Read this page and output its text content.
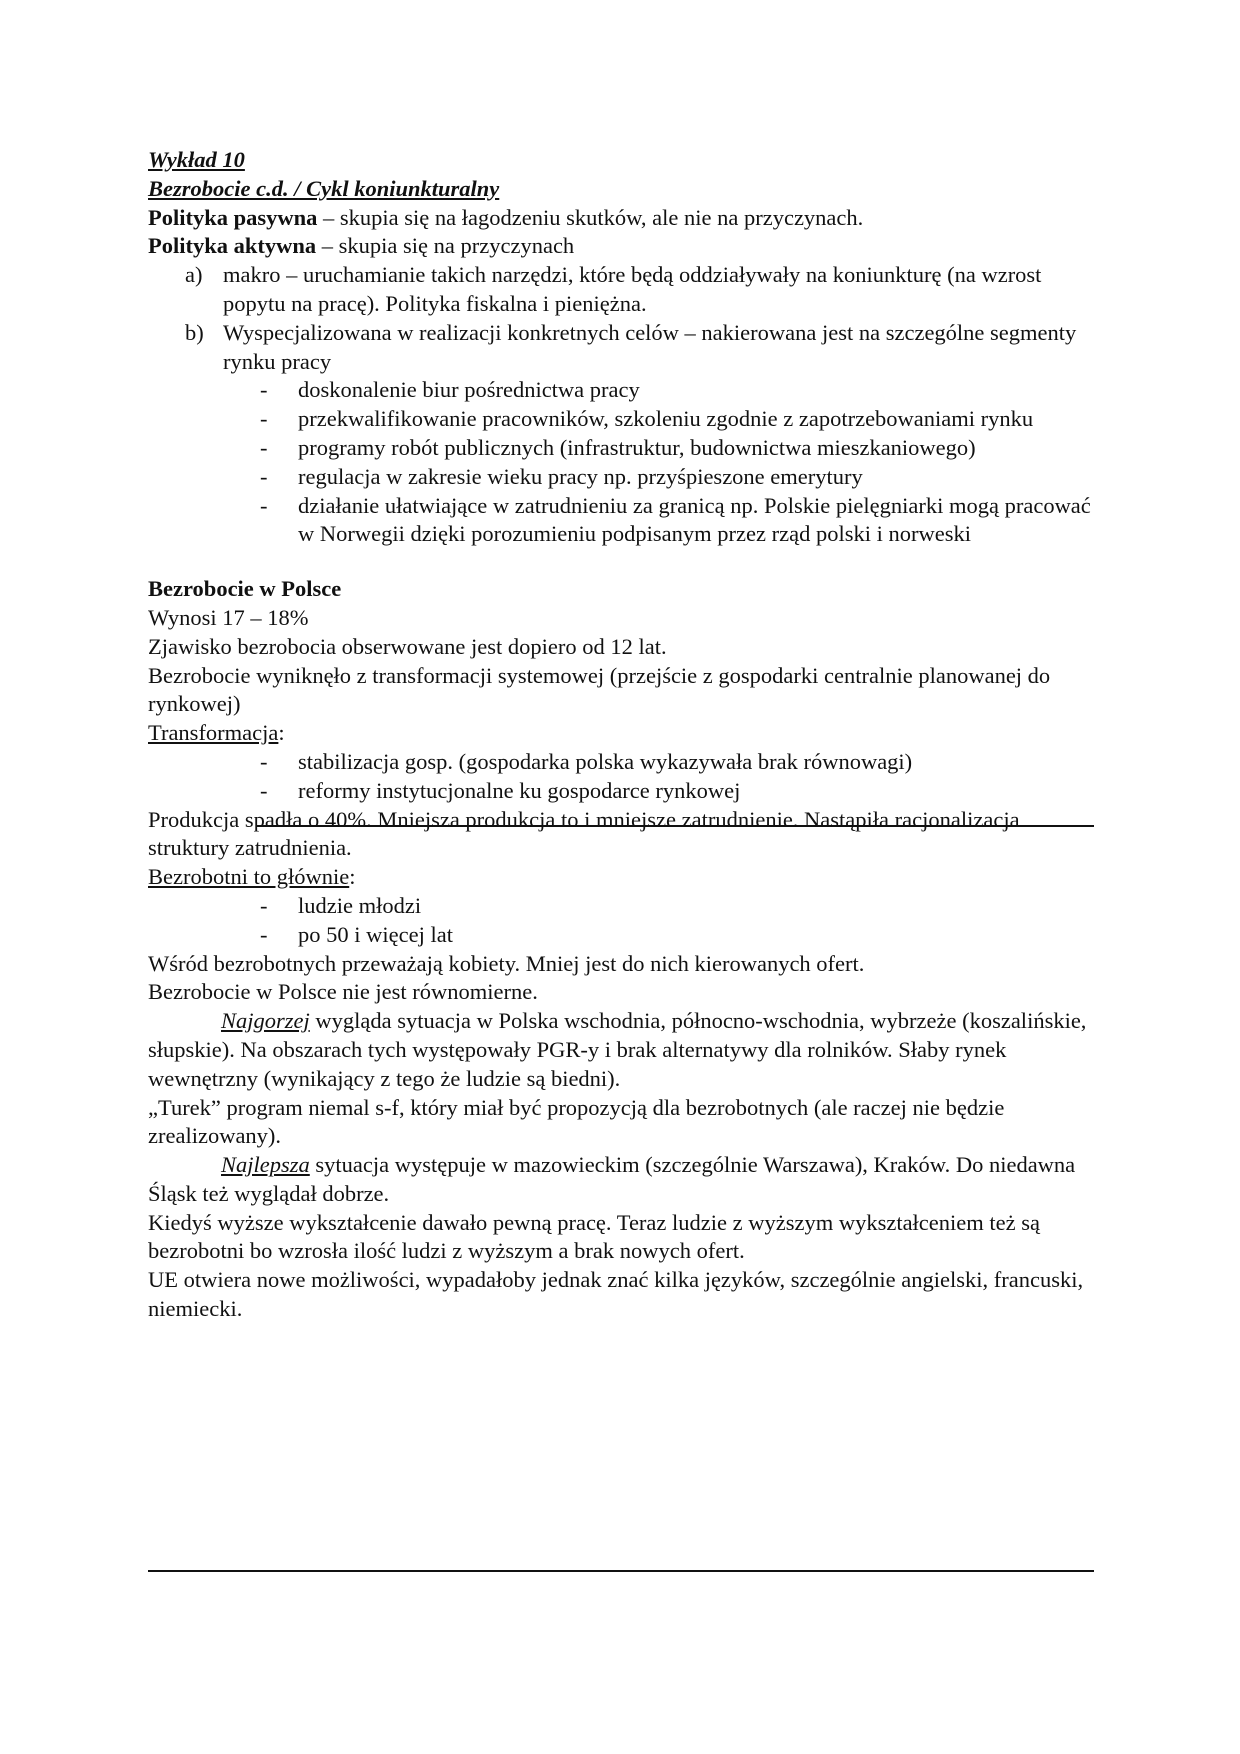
Wykład 10
Bezrobocie c.d. / Cykl koniunkturalny

Polityka pasywna – skupia się na łagodzeniu skutków, ale nie na przyczynach.

Polityka aktywna – skupia się na przyczynach

a) makro – uruchamianie takich narzędzi, które będą oddziaływały na koniunkturę (na wzrost popytu na pracę). Polityka fiskalna i pieniężna.
b) Wyspecjalizowana w realizacji konkretnych celów – nakierowana jest na szczególne segmenty rynku pracy
- doskonalenie biur pośrednictwa pracy
- przekwalifikowanie pracowników, szkoleniu zgodnie z zapotrzebowaniami rynku
- programy robót publicznych (infrastruktur, budownictwa mieszkaniowego)
- regulacja w zakresie wieku pracy np. przyśpieszone emerytury
- działanie ułatwiające w zatrudnieniu za granicą np. Polskie pielęgniarki mogą pracować w Norwegii dzięki porozumieniu podpisanym przez rząd polski i norweski

Bezrobocie w Polsce

Wynosi 17 – 18%

Zjawisko bezrobocia obserwowane jest dopiero od 12 lat.

Bezrobocie wyniknęło z transformacji systemowej (przejście z gospodarki centralnie planowanej do rynkowej)

Transformacja:

- stabilizacja gosp. (gospodarka polska wykazywała brak równowagi)
- reformy instytucjonalne ku gospodarce rynkowej

Produkcja spadła o 40%. Mniejsza produkcja to i mniejsze zatrudnienie. Nastąpiła racjonalizacja struktury zatrudnienia.

Bezrobotni to głównie:

- ludzie młodzi
- po 50 i więcej lat

Wśród bezrobotnych przeważają kobiety. Mniej jest do nich kierowanych ofert.

Bezrobocie w Polsce nie jest równomierne.

Najgorzej wygląda sytuacja w Polska wschodnia, północno-wschodnia, wybrzeże (koszalińskie, słupskie). Na obszarach tych występowały PGR-y i brak alternatywy dla rolników. Słaby rynek wewnętrzny (wynikający z tego że ludzie są biedni).

„Turek” program niemal s-f, który miał być propozycją dla bezrobotnych (ale raczej nie będzie zrealizowany).

Najlepsza sytuacja występuje w mazowieckim (szczególnie Warszawa), Kraków. Do niedawna Śląsk też wyglądał dobrze.

Kiedyś wyższe wykształcenie dawało pewną pracę. Teraz ludzie z wyższym wykształceniem też są bezrobotni bo wzrosła ilość ludzi z wyższym a brak nowych ofert.

UE otwiera nowe możliwości, wypadałoby jednak znać kilka języków, szczególnie angielski, francuski, niemiecki.
